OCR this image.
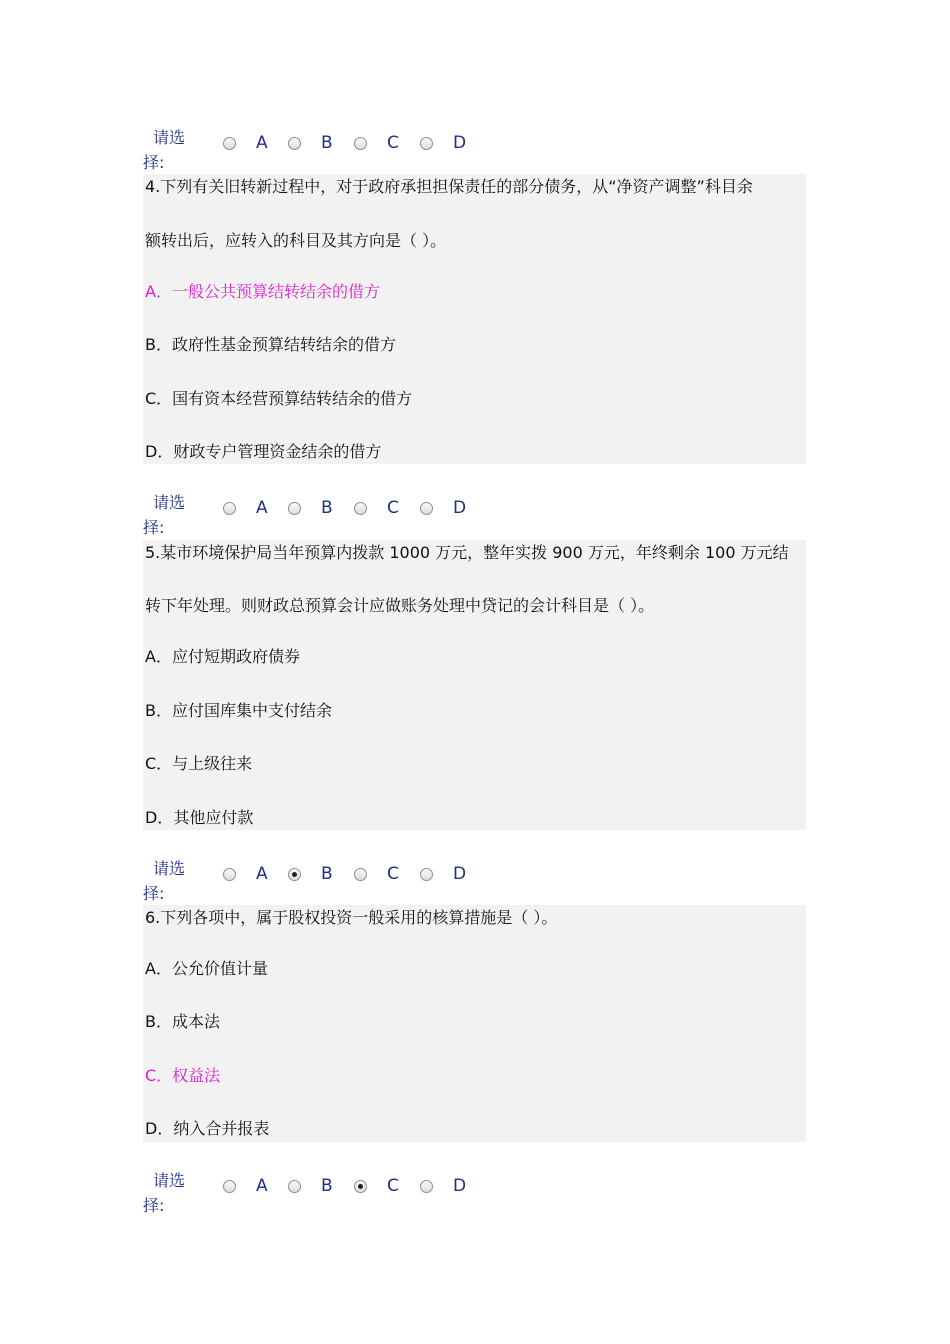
请选
择:
A	B	C	D
4.下列有关旧转新过程中，对于政府承担担保责任的部分债务，从“净资产调整”科目余
额转出后，应转入的科目及其方向是（ ）。
A．一般公共预算结转结余的借方
B．政府性基金预算结转结余的借方
C．国有资本经营预算结转结余的借方
D．财政专户管理资金结余的借方
请选
择:
A	B	C	D
5.某市环境保护局当年预算内拨款 1000 万元，整年实拨 900 万元，年终剩余 100 万元结
转下年处理。则财政总预算会计应做账务处理中贷记的会计科目是（ ）。
A．应付短期政府债券
B．应付国库集中支付结余
C．与上级往来
D．其他应付款
请选
择:
A	B	C	D
6.下列各项中，属于股权投资一般采用的核算措施是（ ）。
A．公允价值计量
B．成本法
C．权益法
D．纳入合并报表
请选
择:
A	B	C	D
